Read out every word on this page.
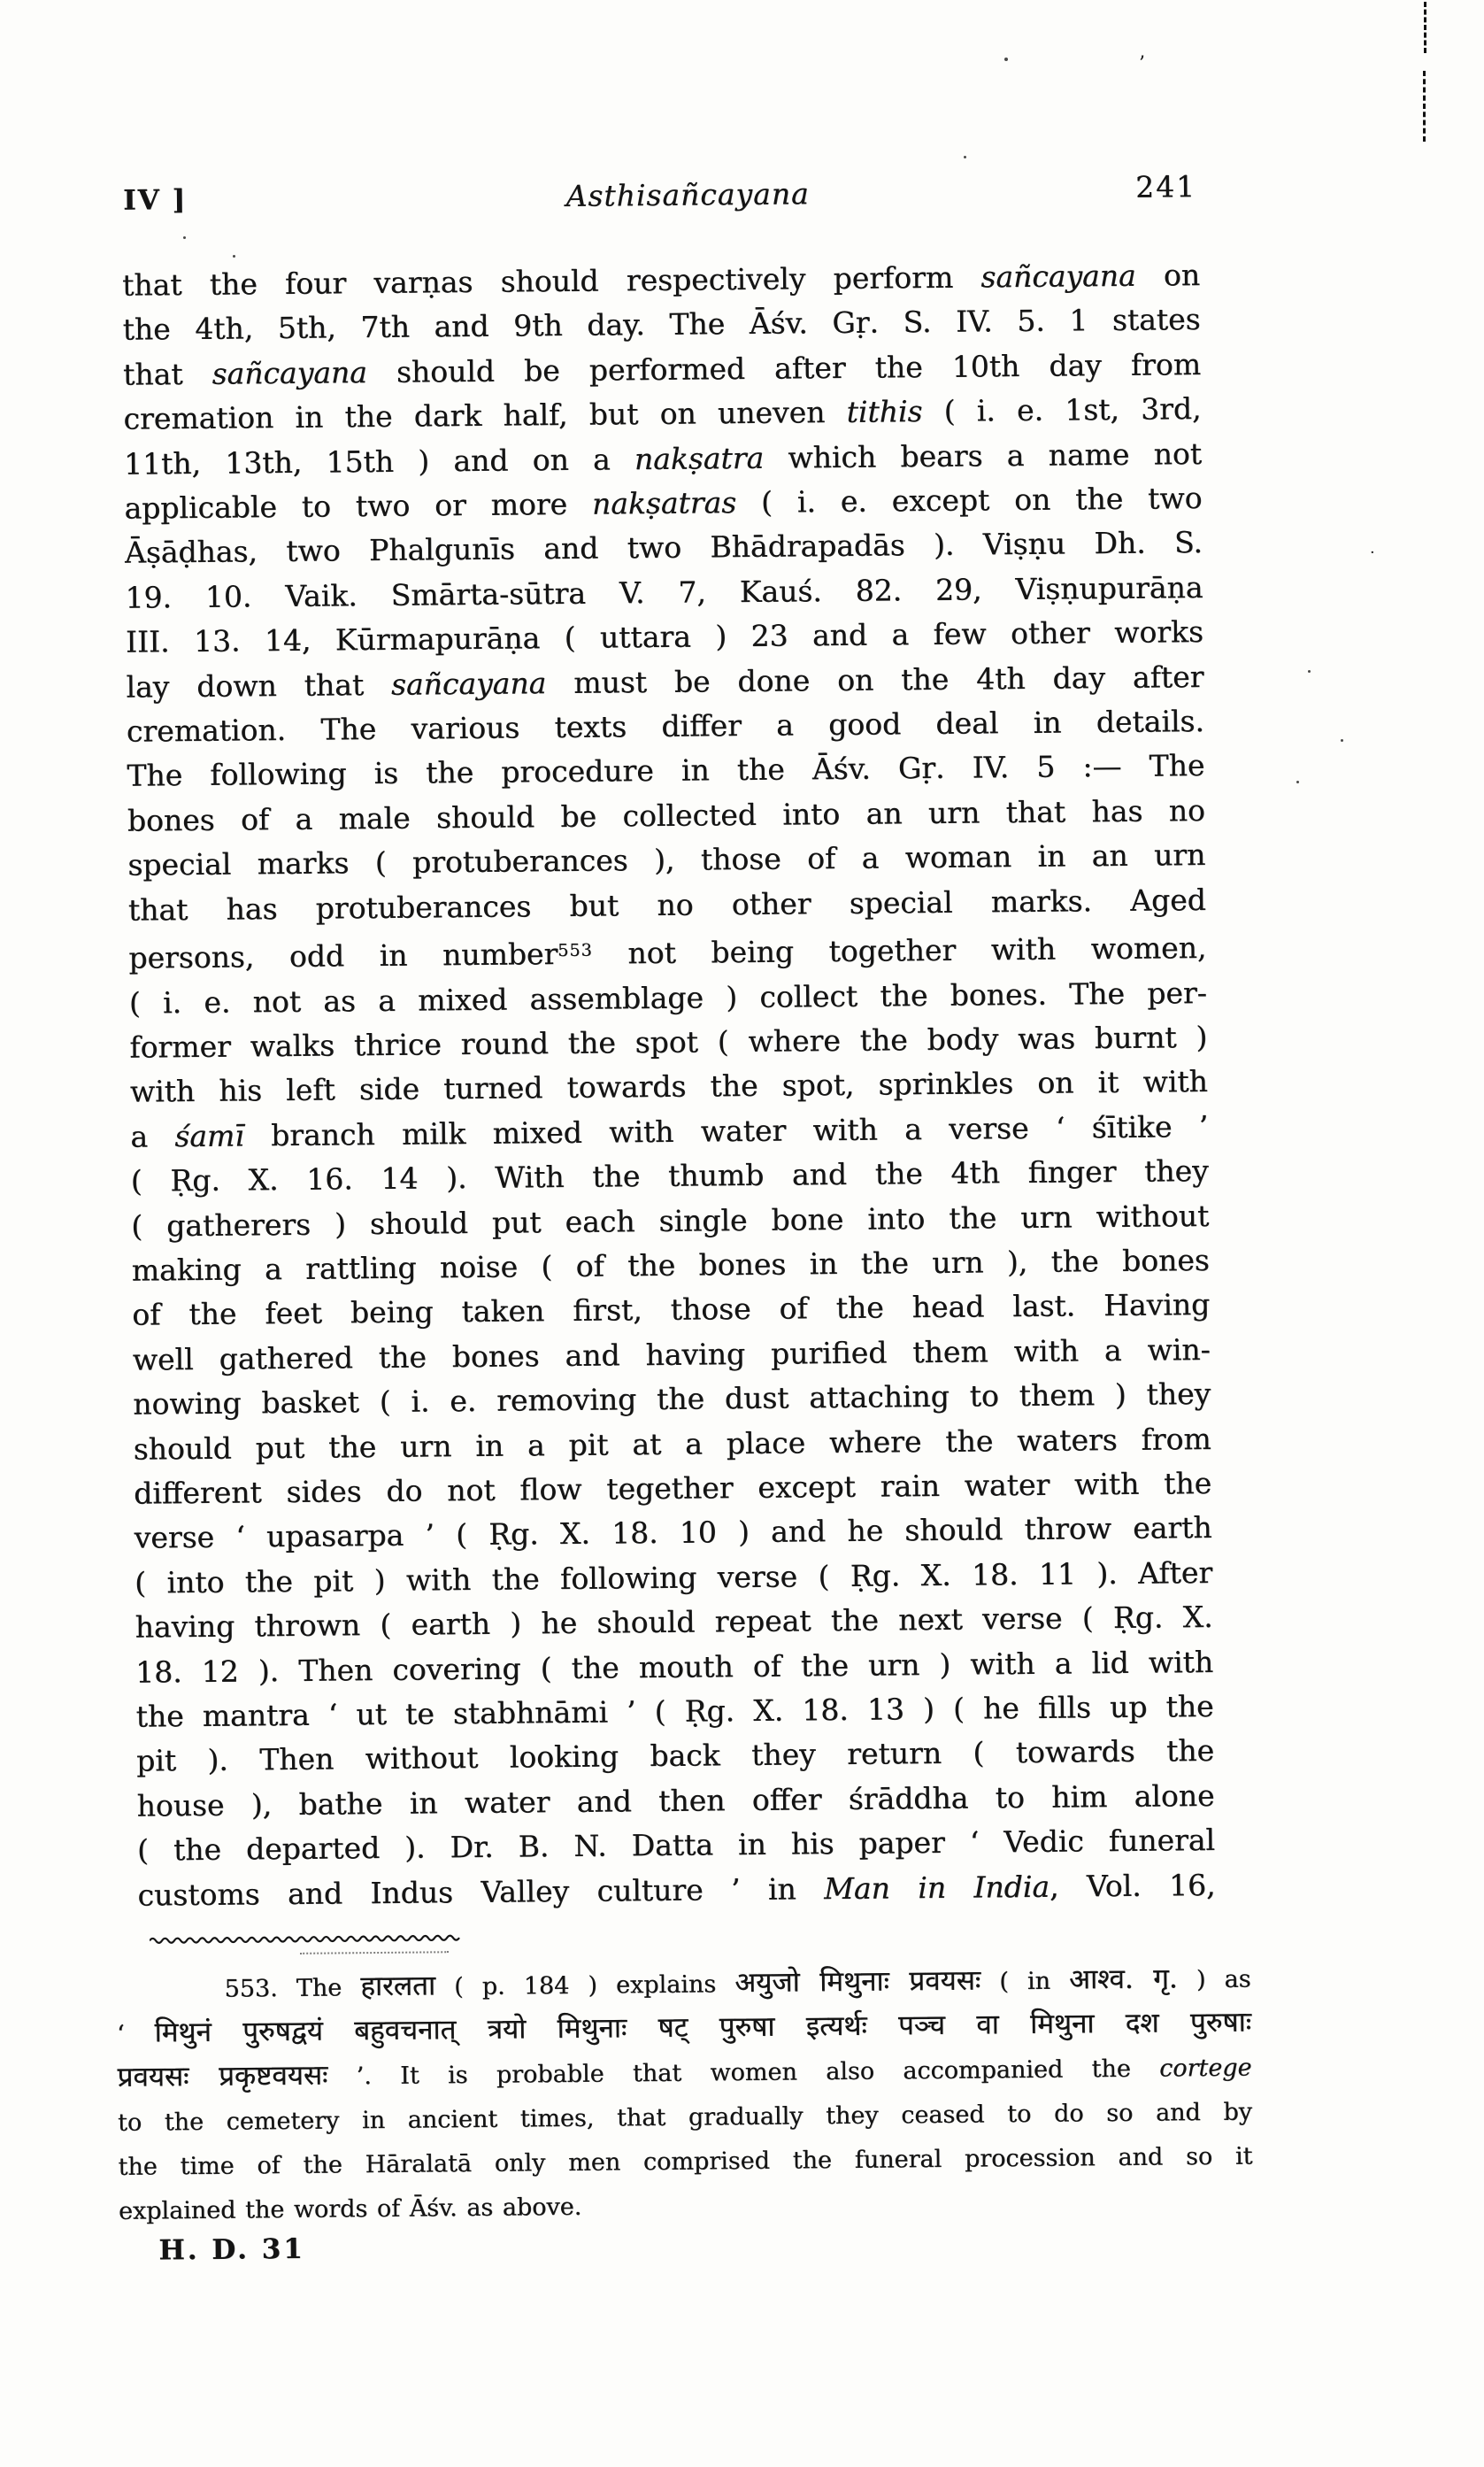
IV ]	Asthisañcayana	241
that the four varṇas should respectively perform sañcayana on
the 4th, 5th, 7th and 9th day. The Āśv. Gṛ. S. IV. 5. 1 states
that sañcayana should be performed after the 10th day from
cremation in the dark half, but on uneven tithis ( i. e. 1st, 3rd,
11th, 13th, 15th ) and on a nakṣatra which bears a name not
applicable to two or more nakṣatras ( i. e. except on the two
Āṣāḍhas, two Phalgunīs and two Bhādrapadās ). Viṣṇu Dh. S.
19. 10. Vaik. Smārta-sūtra V. 7, Kauś. 82. 29, Viṣṇupurāṇa
III. 13. 14, Kūrmapurāṇa ( uttara ) 23 and a few other works
lay down that sañcayana must be done on the 4th day after
cremation. The various texts differ a good deal in details.
The following is the procedure in the Āśv. Gṛ. IV. 5 :— The
bones of a male should be collected into an urn that has no
special marks ( protuberances ), those of a woman in an urn
that has protuberances but no other special marks. Aged
persons, odd in number$^{553}$ not being together with women,
( i. e. not as a mixed assemblage ) collect the bones. The per-
former walks thrice round the spot ( where the body was burnt )
with his left side turned towards the spot, sprinkles on it with
a śamī branch milk mixed with water with a verse ‘ śītike ’
( Ṛg. X. 16. 14 ). With the thumb and the 4th finger they
( gatherers ) should put each single bone into the urn without
making a rattling noise ( of the bones in the urn ), the bones
of the feet being taken first, those of the head last. Having
well gathered the bones and having purified them with a win-
nowing basket ( i. e. removing the dust attaching to them ) they
should put the urn in a pit at a place where the waters from
different sides do not flow tegether except rain water with the
verse ‘ upasarpa ’ ( Ṛg. X. 18. 10 ) and he should throw earth
( into the pit ) with the following verse ( Ṛg. X. 18. 11 ). After
having thrown ( earth ) he should repeat the next verse ( Ṛg. X.
18. 12 ). Then covering ( the mouth of the urn ) with a lid with
the mantra ‘ ut te stabhnāmi ’ ( Ṛg. X. 18. 13 ) ( he fills up the
pit ). Then without looking back they return ( towards the
house ), bathe in water and then offer śrāddha to him alone
( the departed ). Dr. B. N. Datta in his paper ‘ Vedic funeral
customs and Indus Valley culture ’ in Man in India, Vol. 16,
553. The हारलता ( p. 184 ) explains अयुजो मिथुनाः प्रवयसः ( in आश्व. गृ. ) as
‘ मिथुनं पुरुषद्वयं बहुवचनात् त्रयो मिथुनाः षट् पुरुषा इत्यर्थः पञ्च वा मिथुना दश पुरुषाः
प्रवयसः प्रकृष्टवयसः ’. It is probable that women also accompanied the cortege
to the cemetery in ancient times, that gradually they ceased to do so and by
the time of the Hāralatā only men comprised the funeral procession and so it
explained the words of Āśv. as above.
H. D. 31
’
·
